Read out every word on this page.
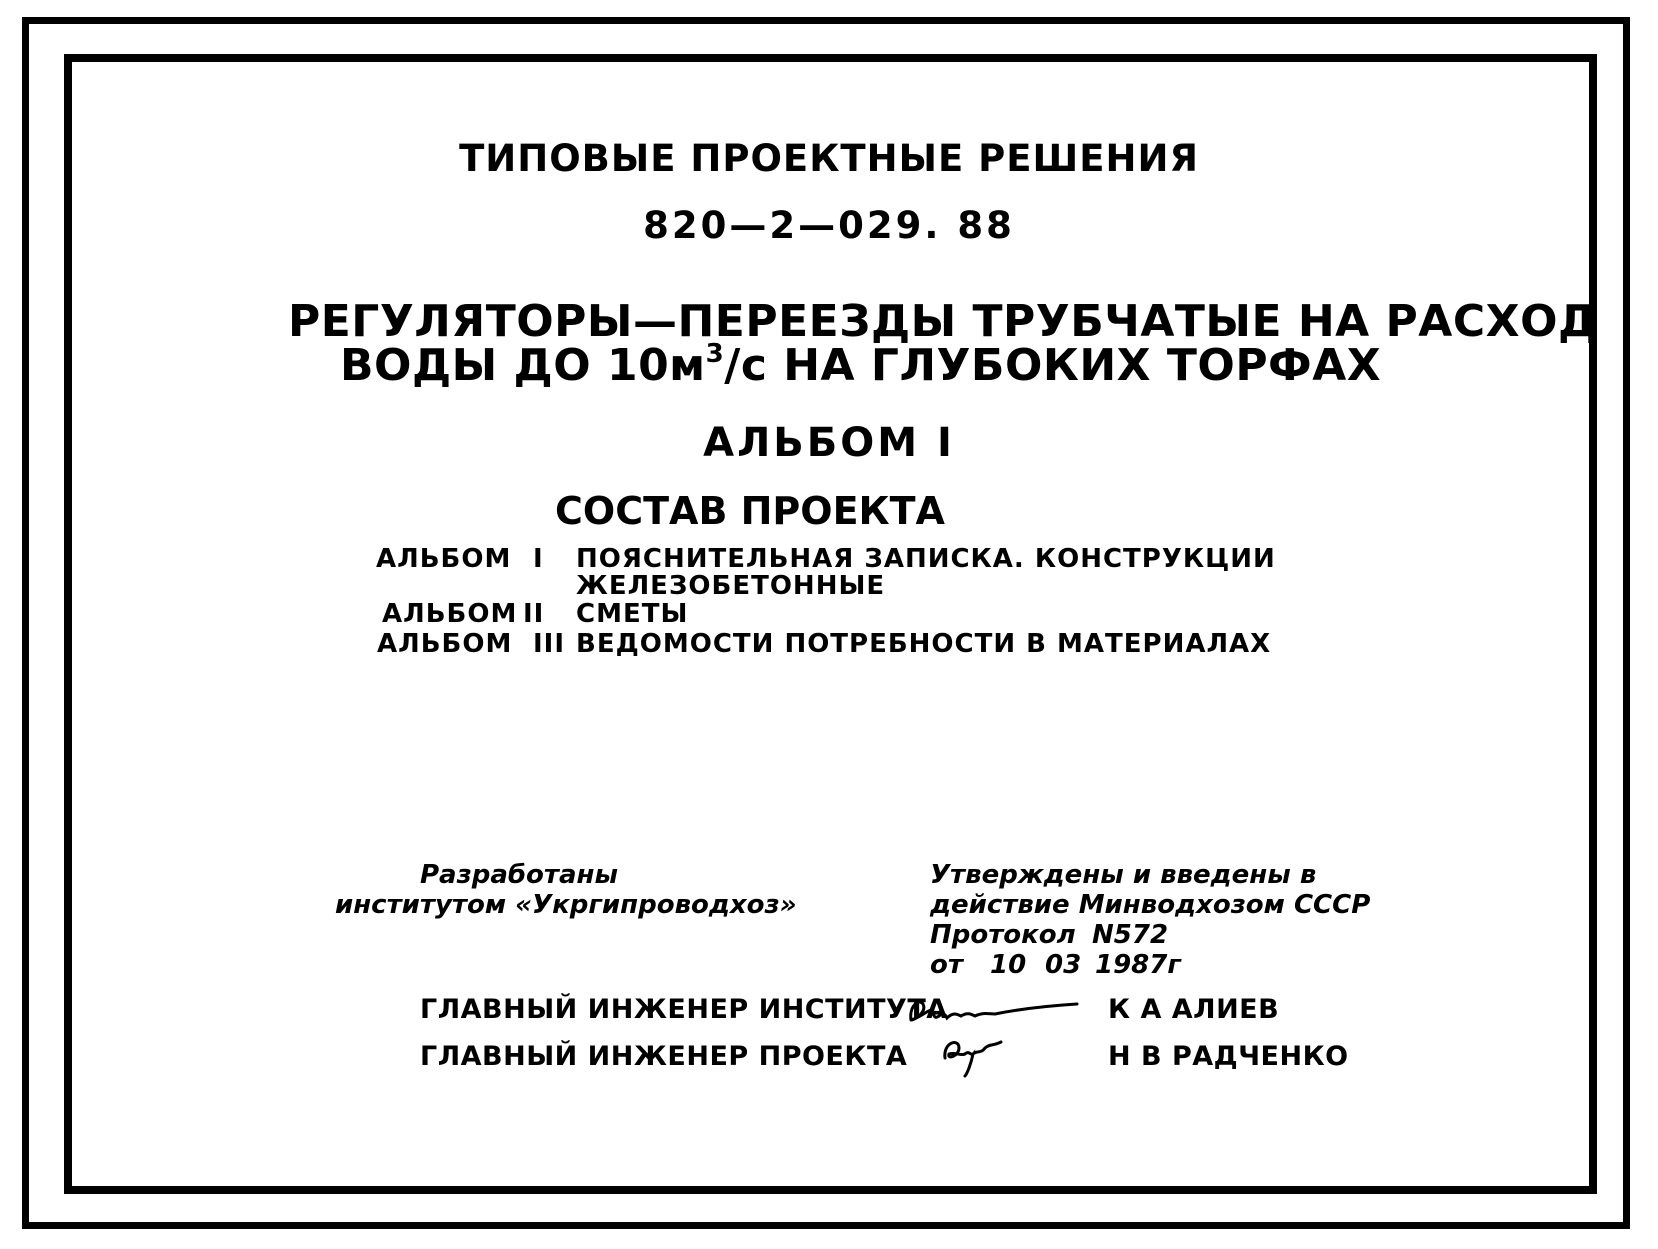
ТИПОВЫЕ ПРОЕКТНЫЕ РЕШЕНИЯ
820—2—029. 88
РЕГУЛЯТОРЫ—ПЕРЕЕЗДЫ ТРУБЧАТЫЕ НА РАСХОД
ВОДЫ ДО $10м^3/с$ НА ГЛУБОКИХ ТОРФАХ
АЛЬБОМ I
СОСТАВ ПРОЕКТА
АЛЬБОМ I ПОЯСНИТЕЛЬНАЯ ЗАПИСКА. КОНСТРУКЦИИ
ЖЕЛЕЗОБЕТОННЫЕ
АЛЬБОМ II СМЕТЫ
АЛЬБОМ III ВЕДОМОСТИ ПОТРЕБНОСТИ В МАТЕРИАЛАХ
Разработаны
институтом «Укргипроводхоз»
Утверждены и введены в
действие Минводхозом СССР
Протокол N572
от 10 03 1987г
ГЛАВНЫЙ ИНЖЕНЕР ИНСТИТУТА	К А АЛИЕВ
ГЛАВНЫЙ ИНЖЕНЕР ПРОЕКТА	Н В РАДЧЕНКО
